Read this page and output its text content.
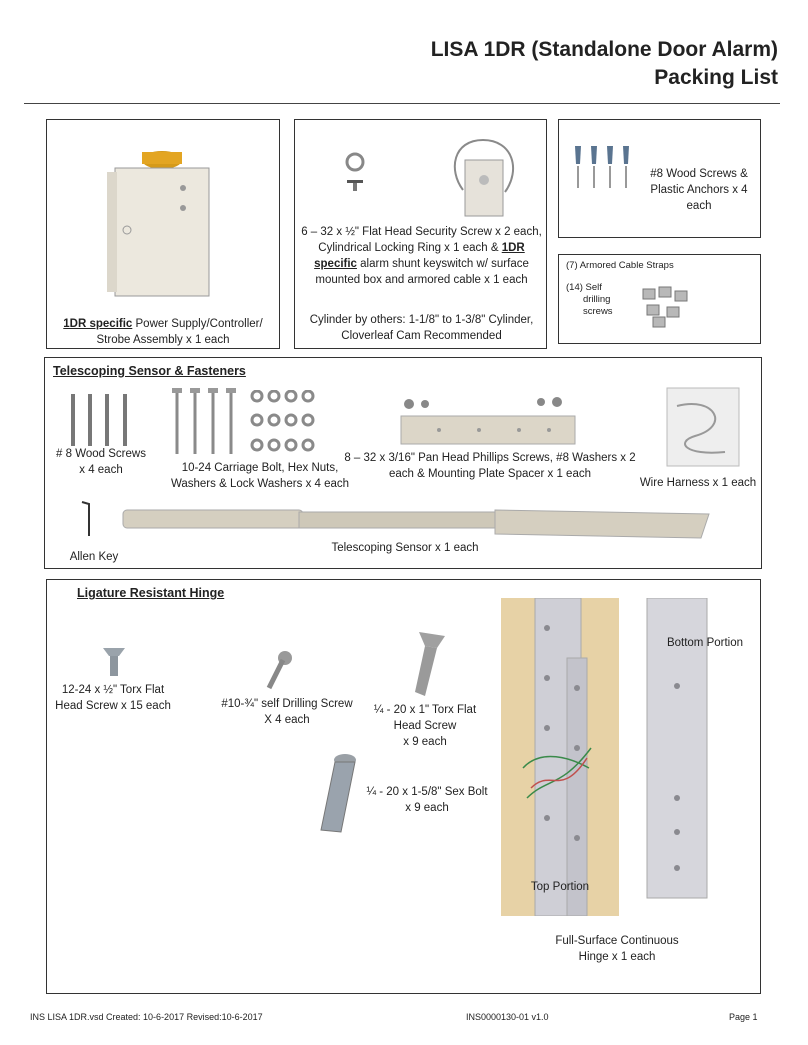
LISA 1DR (Standalone Door Alarm)
Packing List
1DR specific Power Supply/Controller/
Strobe Assembly x 1 each
6 – 32 x ½" Flat Head Security Screw x 2 each,
Cylindrical Locking Ring x 1 each & 1DR
specific alarm shunt keyswitch w/ surface
mounted box and armored cable x 1 each
Cylinder by others: 1-1/8" to 1-3/8" Cylinder,
Cloverleaf Cam Recommended
#8 Wood Screws &
Plastic Anchors x 4
each
(7) Armored Cable Straps
(14) Self
drilling
screws
Telescoping Sensor & Fasteners
# 8 Wood Screws
x 4 each	10-24 Carriage Bolt, Hex Nuts,
Washers & Lock Washers x 4 each
8 – 32 x 3/16" Pan Head Phillips Screws, #8 Washers x 2
each & Mounting Plate Spacer x 1 each
Wire Harness x 1 each
Allen Key
Telescoping Sensor x 1 each
Ligature Resistant Hinge
12-24 x ½" Torx Flat
Head Screw x 15 each	#10-¾" self Drilling Screw
X 4 each
¼ - 20 x 1" Torx Flat
Head Screw
x 9 each
¼ - 20 x 1-5/8" Sex Bolt
x 9 each
Bottom Portion
Top Portion
Full-Surface Continuous
Hinge x 1 each
INS LISA 1DR.vsd Created: 10-6-2017 Revised:10-6-2017	INS0000130-01 v1.0	Page 1
